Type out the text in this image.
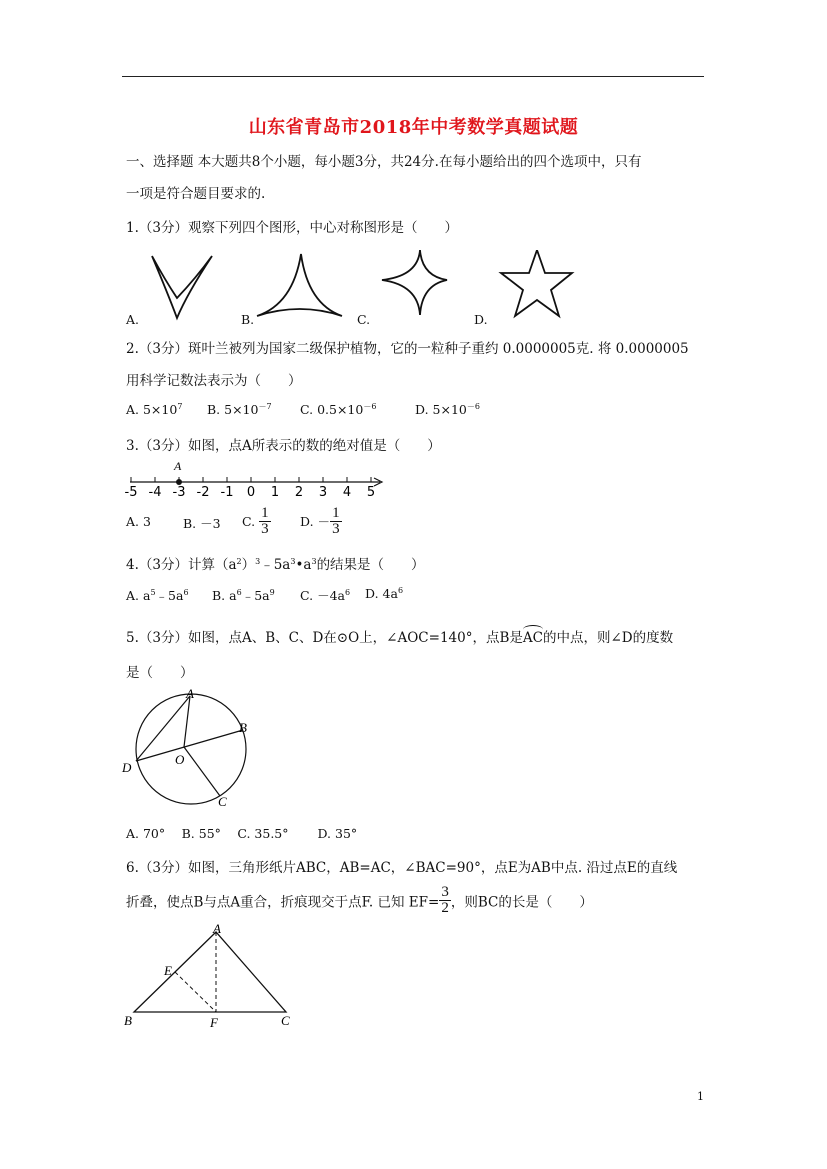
山东省青岛市2018年中考数学真题试题
一、选择题 本大题共8个小题，每小题3分，共24分.在每小题给出的四个选项中，只有
一项是符合题目要求的.
1.（3分）观察下列四个图形，中心对称图形是（　　）
A.	B.	C.	D.
2.（3分）斑叶兰被列为国家二级保护植物，它的一粒种子重约 0.0000005克. 将 0.0000005
用科学记数法表示为（　　）
A. $5\times 10^7$ B. $5\times 10^{-7}$ C. $0.5\times 10^{-6}$	D. $5\times 10^{-6}$
3.（3分）如图，点A所表示的数的绝对值是（　　）
-5 -4 -3 -2 -1 0 1 2 3 4 5
A
A. 3	B. －3 C. $\frac{1}{3} D$. － $\frac{1}{3}$
4.（3分）计算$(a^2)^3﹣5a^3•a^3$的结果是（　　）
A. $a^5﹣5a^6$ B. $a^6﹣5a^9$ C. $-4a^6$ D. $4a^6$
5.（3分）如图，点A、B、C、D在⊙O上，∠AOC=140°，点B是AC的中点，则∠D的度数
是（　　）
A
B
C
D
O
A. 70°　 B. 55°　 C. 35.5°　　 D. 35°
6.（3分）如图，三角形纸片ABC，AB=AC，∠BAC=90°，点E为AB中点. 沿过点E的直线
折叠，使点B与点A重合，折痕现交于点F. 已知 $EF= \frac{3}{2}$ ，则BC的长是（　　）
A
E
B	F	C
1
